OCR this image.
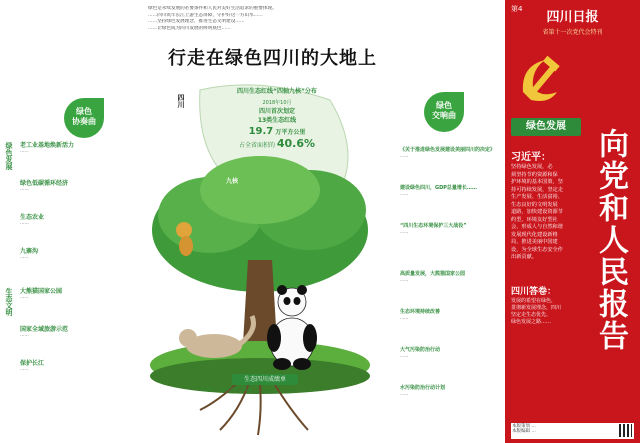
绿色是永续发展的必要条件和人民对美好生活追求的重要体现。
……四川筑牢长江上游生态屏障，守护好这一方山水……
……坚持绿色发展理念，推进生态文明建设……
……让绿色成为四川发展的鲜明底色……
行走在绿色四川的大地上
绿色
协奏曲
绿色发展
生态文明
老工业基地焕新活力
……
绿色低碳循环经济
……
生态农业
……
九寨沟
……
大熊猫国家公园
……
国家全域旅游示范
……
保护长江
……
四川
四川生态红线“四轴九核”分布
2018年10月
四川首次划定
13类生态红线
19.7 万平方公里
占全省面积的 40.6%
九核
生态四川成绩单
30.6% 38.03% 92%
绿色
交响曲
《关于推进绿色发展建设美丽四川的决定》
……
建设绿色四川，GDP总量增长……
……
“四川生态环境保护三大战役”
……
高质量发展，大熊猫国家公园
……
生态环境持续改善
……
大气污染防治行动
……
水污染防治行动计划
……
第4
四川日报
省第十一次党代会特刊
绿色发展
向党和人民报告
习近平：
坚持绿色发展，必
须坚持节约资源和保
护环境的基本国策，坚
持可持续发展，坚定走
生产发展、生活富裕、
生态良好的文明发展
道路，加快建设资源节
约型、环境友好型社
会，形成人与自然和谐
发展现代化建设新格
局，推进美丽中国建
设，为全球生态安全作
出新贡献。
四川答卷：
发展的希望在绿色，
贯彻新发展理念，四川
坚定走生态优先、
绿色发展之路……
本版策划 …
本版编辑 …
